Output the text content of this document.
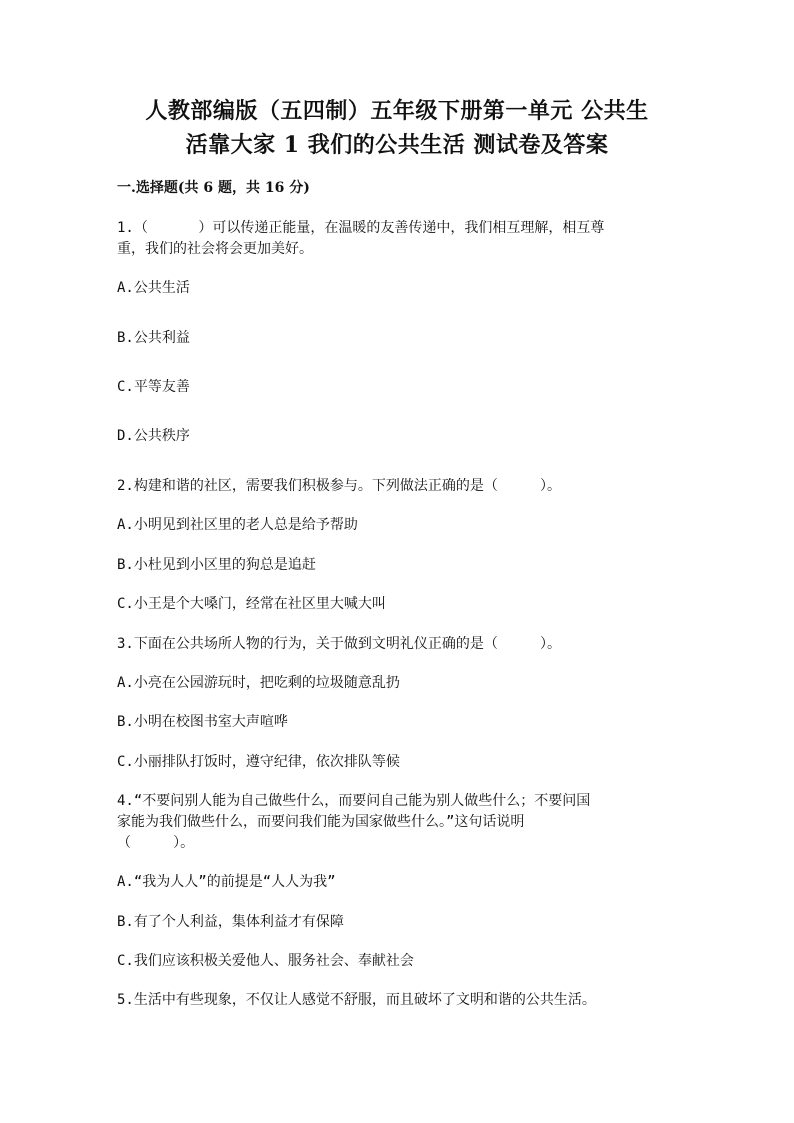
人教部编版（五四制）五年级下册第一单元 公共生
活靠大家 1 我们的公共生活 测试卷及答案
一.选择题(共 6 题，共 16 分)
1.（      ）可以传递正能量，在温暖的友善传递中，我们相互理解，相互尊
重，我们的社会将会更加美好。
A.公共生活
B.公共利益
C.平等友善
D.公共秩序
2.构建和谐的社区，需要我们积极参与。下列做法正确的是（     ）。
A.小明见到社区里的老人总是给予帮助
B.小杜见到小区里的狗总是追赶
C.小王是个大嗓门，经常在社区里大喊大叫
3.下面在公共场所人物的行为，关于做到文明礼仪正确的是（     ）。
A.小亮在公园游玩时，把吃剩的垃圾随意乱扔
B.小明在校图书室大声喧哗
C.小丽排队打饭时，遵守纪律，依次排队等候
4.“不要问别人能为自己做些什么，而要问自己能为别人做些什么；不要问国
家能为我们做些什么，而要问我们能为国家做些什么。”这句话说明
（     ）。
A.“我为人人”的前提是“人人为我”
B.有了个人利益，集体利益才有保障
C.我们应该积极关爱他人、服务社会、奉献社会
5.生活中有些现象，不仅让人感觉不舒服，而且破坏了文明和谐的公共生活。
